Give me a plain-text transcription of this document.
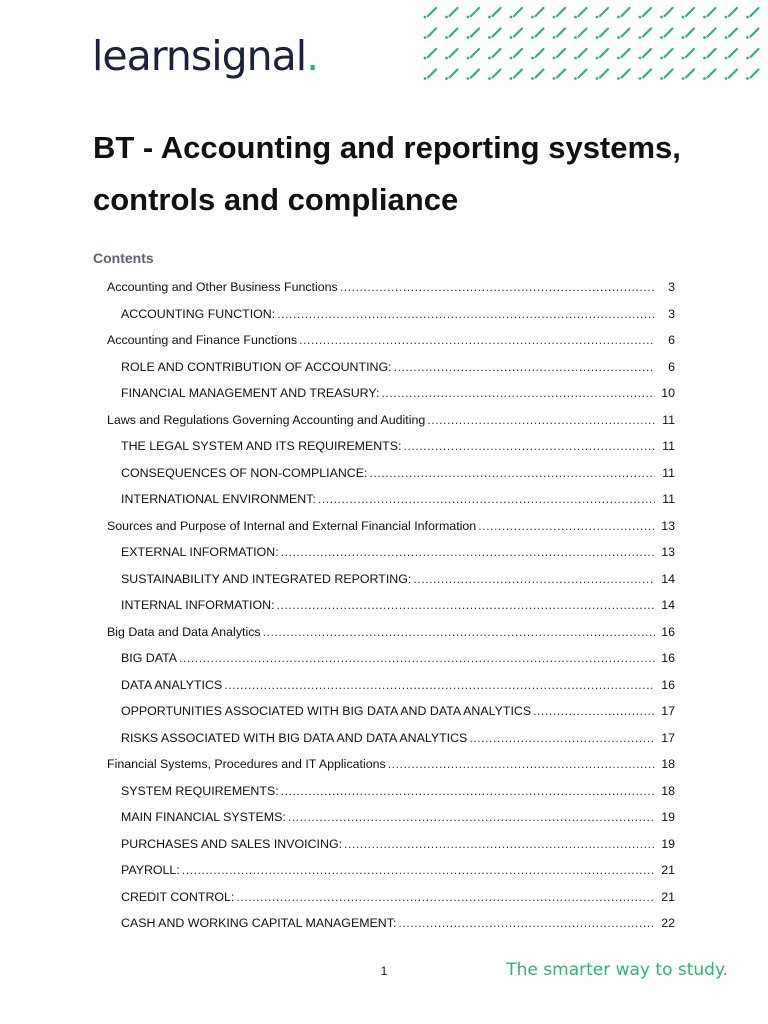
learnsignal.
BT - Accounting and reporting systems, controls and compliance
Contents
Accounting and Other Business Functions .....	3
ACCOUNTING FUNCTION: .....	3
Accounting and Finance Functions .....	6
ROLE AND CONTRIBUTION OF ACCOUNTING: .....	6
FINANCIAL MANAGEMENT AND TREASURY: .....	10
Laws and Regulations Governing Accounting and Auditing .....	11
THE LEGAL SYSTEM AND ITS REQUIREMENTS: .....	11
CONSEQUENCES OF NON-COMPLIANCE: .....	11
INTERNATIONAL ENVIRONMENT: .....	11
Sources and Purpose of Internal and External Financial Information .....	13
EXTERNAL INFORMATION: .....	13
SUSTAINABILITY AND INTEGRATED REPORTING: .....	14
INTERNAL INFORMATION: .....	14
Big Data and Data Analytics .....	16
BIG DATA .....	16
DATA ANALYTICS .....	16
OPPORTUNITIES ASSOCIATED WITH BIG DATA AND DATA ANALYTICS .....	17
RISKS ASSOCIATED WITH BIG DATA AND DATA ANALYTICS .....	17
Financial Systems, Procedures and IT Applications .....	18
SYSTEM REQUIREMENTS: .....	18
MAIN FINANCIAL SYSTEMS: .....	19
PURCHASES AND SALES INVOICING: .....	19
PAYROLL: .....	21
CREDIT CONTROL: .....	21
CASH AND WORKING CAPITAL MANAGEMENT: .....	22
1	The smarter way to study.
